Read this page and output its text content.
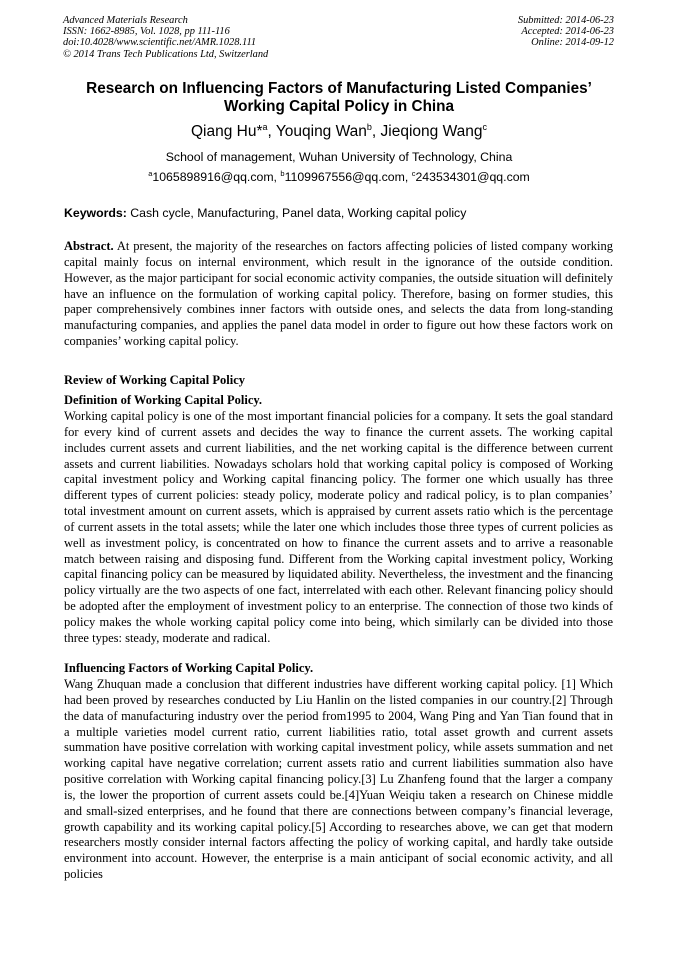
Advanced Materials Research
ISSN: 1662-8985, Vol. 1028, pp 111-116
doi:10.4028/www.scientific.net/AMR.1028.111
© 2014 Trans Tech Publications Ltd, Switzerland
Submitted: 2014-06-23
Accepted: 2014-06-23
Online: 2014-09-12
Research on Influencing Factors of Manufacturing Listed Companies’
Working Capital Policy in China
Qiang Hu*$^a$, Youqing Wan$^b$, Jieqiong Wang$^c$
School of management, Wuhan University of Technology, China
$^a$1065898916@qq.com, $^b$1109967556@qq.com, $^c$243534301@qq.com
Keywords: Cash cycle, Manufacturing, Panel data, Working capital policy
Abstract. At present, the majority of the researches on factors affecting policies of listed company working capital mainly focus on internal environment, which result in the ignorance of the outside condition. However, as the major participant for social economic activity companies, the outside situation will definitely have an influence on the formulation of working capital policy. Therefore, basing on former studies, this paper comprehensively combines inner factors with outside ones, and selects the data from long-standing manufacturing companies, and applies the panel data model in order to figure out how these factors work on companies’ working capital policy.
Review of Working Capital Policy
Definition of Working Capital Policy.
Working capital policy is one of the most important financial policies for a company. It sets the goal standard for every kind of current assets and decides the way to finance the current assets. The working capital includes current assets and current liabilities, and the net working capital is the difference between current assets and current liabilities. Nowadays scholars hold that working capital policy is composed of Working capital investment policy and Working capital financing policy. The former one which usually has three different types of current policies: steady policy, moderate policy and radical policy, is to plan companies’ total investment amount on current assets, which is appraised by current assets ratio which is the percentage of current assets in the total assets; while the later one which includes those three types of current policies as well as investment policy, is concentrated on how to finance the current assets and to arrive a reasonable match between raising and disposing fund. Different from the Working capital investment policy, Working capital financing policy can be measured by liquidated ability. Nevertheless, the investment and the financing policy virtually are the two aspects of one fact, interrelated with each other. Relevant financing policy should be adopted after the employment of investment policy to an enterprise. The connection of those two kinds of policy makes the whole working capital policy come into being, which similarly can be divided into those three types: steady, moderate and radical.
Influencing Factors of Working Capital Policy.
Wang Zhuquan made a conclusion that different industries have different working capital policy. [1] Which had been proved by researches conducted by Liu Hanlin on the listed companies in our country.[2] Through the data of manufacturing industry over the period from1995 to 2004, Wang Ping and Yan Tian found that in a multiple varieties model current ratio, current liabilities ratio, total asset growth and current assets summation have positive correlation with working capital investment policy, while assets summation and net working capital have negative correlation; current assets ratio and current liabilities summation also have positive correlation with Working capital financing policy.[3] Lu Zhanfeng found that the larger a company is, the lower the proportion of current assets could be.[4]Yuan Weiqiu taken a research on Chinese middle and small-sized enterprises, and he found that there are connections between company’s financial leverage, growth capability and its working capital policy.[5] According to researches above, we can get that modern researchers mostly consider internal factors affecting the policy of working capital, and hardly take outside environment into account. However, the enterprise is a main anticipant of social economic activity, and all policies
